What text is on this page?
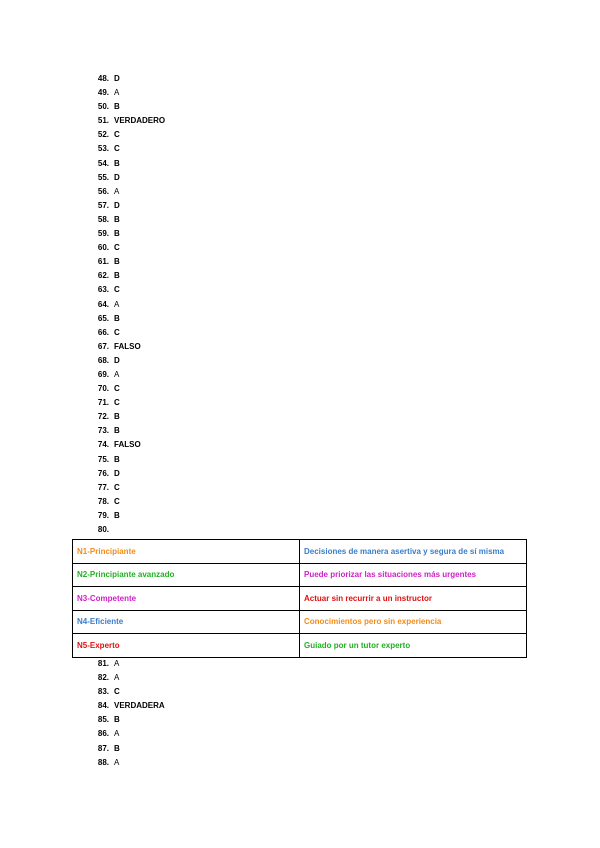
48. D
49. A
50. B
51. VERDADERO
52. C
53. C
54. B
55. D
56. A
57. D
58. B
59. B
60. C
61. B
62. B
63. C
64. A
65. B
66. C
67. FALSO
68. D
69. A
70. C
71. C
72. B
73. B
74. FALSO
75. B
76. D
77. C
78. C
79. B
80.
N1-Principiante	Decisiones de manera asertiva y segura de sí misma
N2-Principiante avanzado	Puede priorizar las situaciones más urgentes
N3-Competente	Actuar sin recurrir a un instructor
N4-Eficiente	Conocimientos pero sin experiencia
N5-Experto	Guiado por un tutor experto
81. A
82. A
83. C
84. VERDADERA
85. B
86. A
87. B
88. A
